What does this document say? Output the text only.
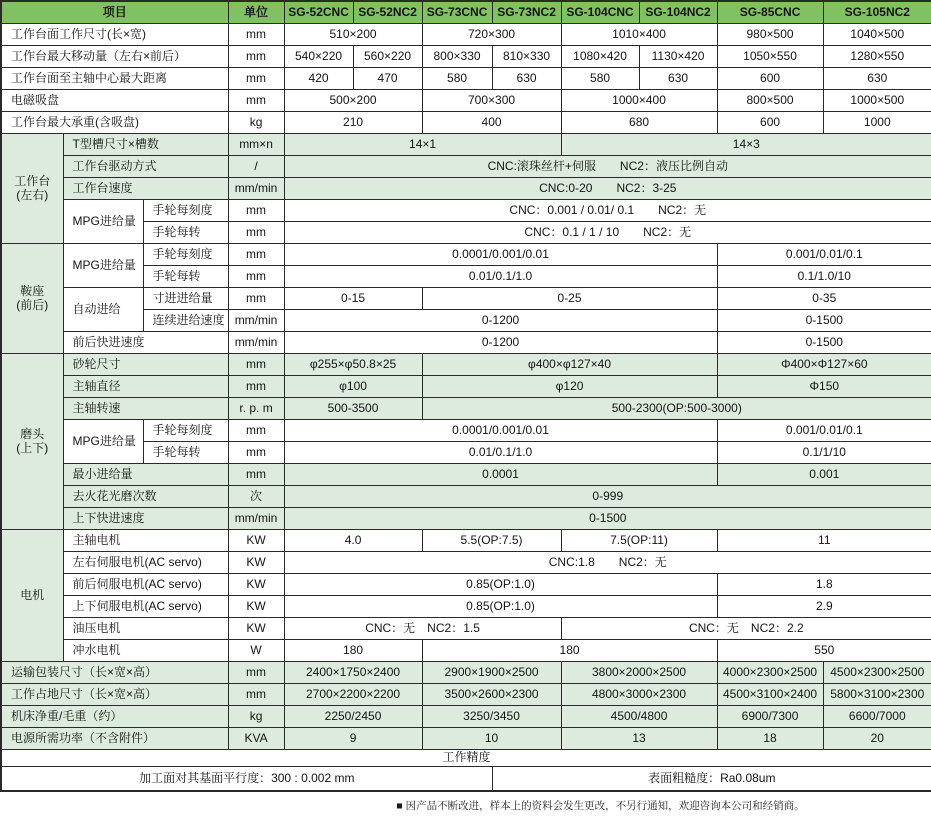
项目			单位	SG-52CNC	SG-52NC2	SG-73CNC	SG-73NC2	SG-104CNC	SG-104NC2	SG-85CNC	SG-105NC2
工作台面工作尺寸(长×宽)			mm	510×200		720×300		1010×400		980×500	1040×500
工作台最大移动量（左右×前后）			mm	540×220	560×220	800×330	810×330	1080×420	1130×420	1050×550	1280×550
工作台面至主轴中心最大距离			mm	420	470	580	630	580	630	600	630
电磁吸盘			mm	500×200		700×300		1000×400		800×500	1000×500
工作台最大承重(含吸盘)			kg	210		400		680		600	1000
工作台
(左右)	T型槽尺寸×槽数		mm×n	14×1				14×3			
	工作台驱动方式		/	CNC:滚珠丝杆+伺服　　NC2：液压比例自动							
	工作台速度		mm/min	CNC:0-20　　NC2：3-25							
	MPG进给量	手轮每刻度	mm	CNC：0.001 / 0.01/ 0.1　　NC2：无							
		手轮每转	mm	CNC：0.1 / 1 / 10　　NC2：无							
鞍座
(前后)	MPG进给量	手轮每刻度	mm	0.0001/0.001/0.01						0.001/0.01/0.1	
		手轮每转	mm	0.01/0.1/1.0						0.1/1.0/10	
	自动进给	寸进进给量	mm	0-15		0-25				0-35	
		连续进给速度	mm/min	0-1200						0-1500	
	前后快进速度		mm/min	0-1200						0-1500	
磨头
(上下)	砂轮尺寸		mm	φ255×φ50.8×25		φ400×φ127×40				Φ400×Φ127×60	
	主轴直径		mm	φ100		φ120				Φ150	
	主轴转速		r. p. m	500-3500		500-2300(OP:500-3000)					
	MPG进给量	手轮每刻度	mm	0.0001/0.001/0.01						0.001/0.01/0.1	
		手轮每转	mm	0.01/0.1/1.0						0.1/1/10	
	最小进给量		mm	0.0001						0.001	
	去火花光磨次数		次	0-999							
	上下快进速度		mm/min	0-1500							
电机	主轴电机		KW	4.0		5.5(OP:7.5)		7.5(OP:11)		11	
	左右伺服电机(AC servo)		KW	CNC:1.8　　NC2：无							
	前后伺服电机(AC servo)		KW	0.85(OP:1.0)						1.8	
	上下伺服电机(AC servo)		KW	0.85(OP:1.0)						2.9	
	油压电机		KW	CNC：无　NC2：1.5				CNC：无　NC2：2.2			
	冲水电机		W	180		180				550	
运输包装尺寸（长×宽×高）			mm	2400×1750×2400		2900×1900×2500		3800×2000×2500		4000×2300×2500	4500×2300×2500
工作占地尺寸（长×宽×高）			mm	2700×2200×2200		3500×2600×2300		4800×3000×2300		4500×3100×2400	5800×3100×2300
机床净重/毛重（约）			kg	2250/2450		3250/3450		4500/4800		6900/7300	6600/7000
电源所需功率（不含附件）			KVA	9		10		13		18	20
工作精度											
加工面对其基面平行度：300 : 0.002 mm							表面粗糙度：Ra0.08um				
■ 因产品不断改进，样本上的资料会发生更改，不另行通知，欢迎咨询本公司和经销商。
